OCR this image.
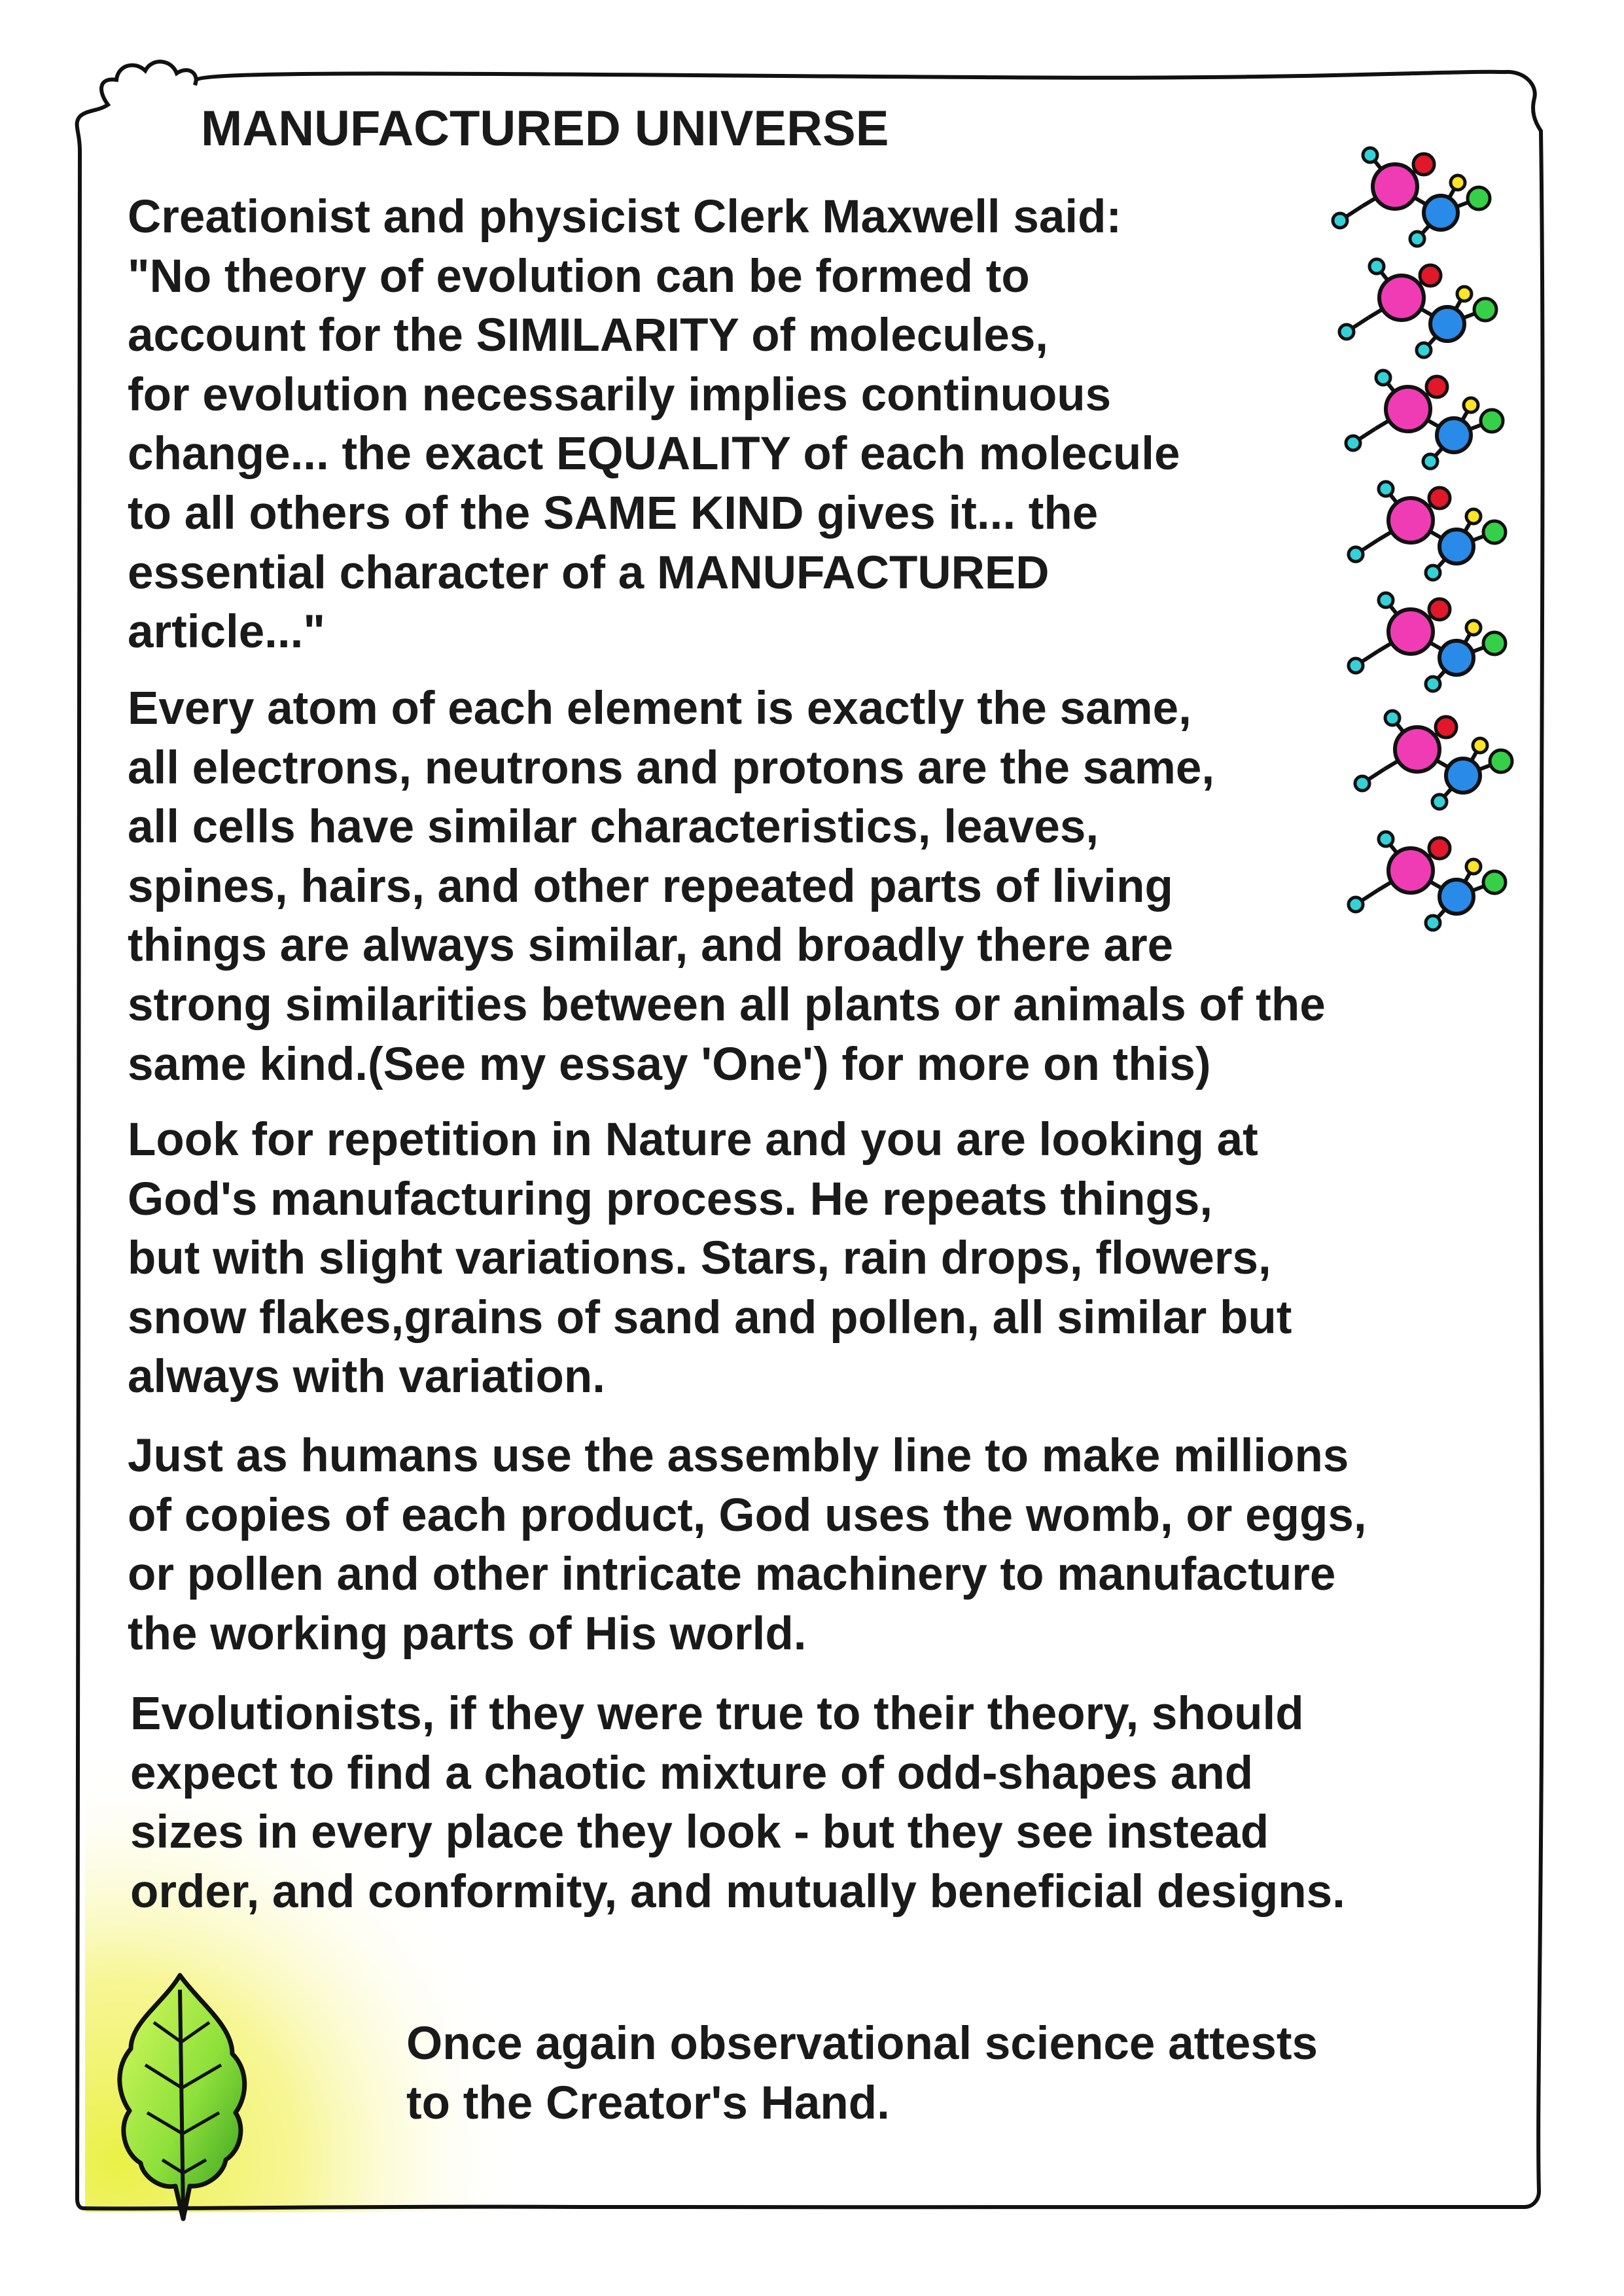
MANUFACTURED UNIVERSE

Creationist and physicist Clerk Maxwell said:
"No theory of evolution can be formed to
account for the SIMILARITY of molecules,
for evolution necessarily implies continuous
change... the exact EQUALITY of each molecule
to all others of the SAME KIND gives it... the
essential character of a MANUFACTURED
article..."

Every atom of each element is exactly the same,
all electrons, neutrons and protons are the same,
all cells have similar characteristics, leaves,
spines, hairs, and other repeated parts of living
things are always similar, and broadly there are
strong similarities between all plants or animals of the
same kind.(See my essay 'One') for more on this)

Look for repetition in Nature and you are looking at
God's manufacturing process. He repeats things,
but with slight variations. Stars, rain drops, flowers,
snow flakes,grains of sand and pollen, all similar but
always with variation.

Just as humans use the assembly line to make millions
of copies of each product, God uses the womb, or eggs,
or pollen and other intricate machinery to manufacture
the working parts of His world.

Evolutionists, if they were true to their theory, should
expect to find a chaotic mixture of odd-shapes and
sizes in every place they look - but they see instead
order, and conformity, and mutually beneficial designs.

Once again observational science attests
to the Creator's Hand.
